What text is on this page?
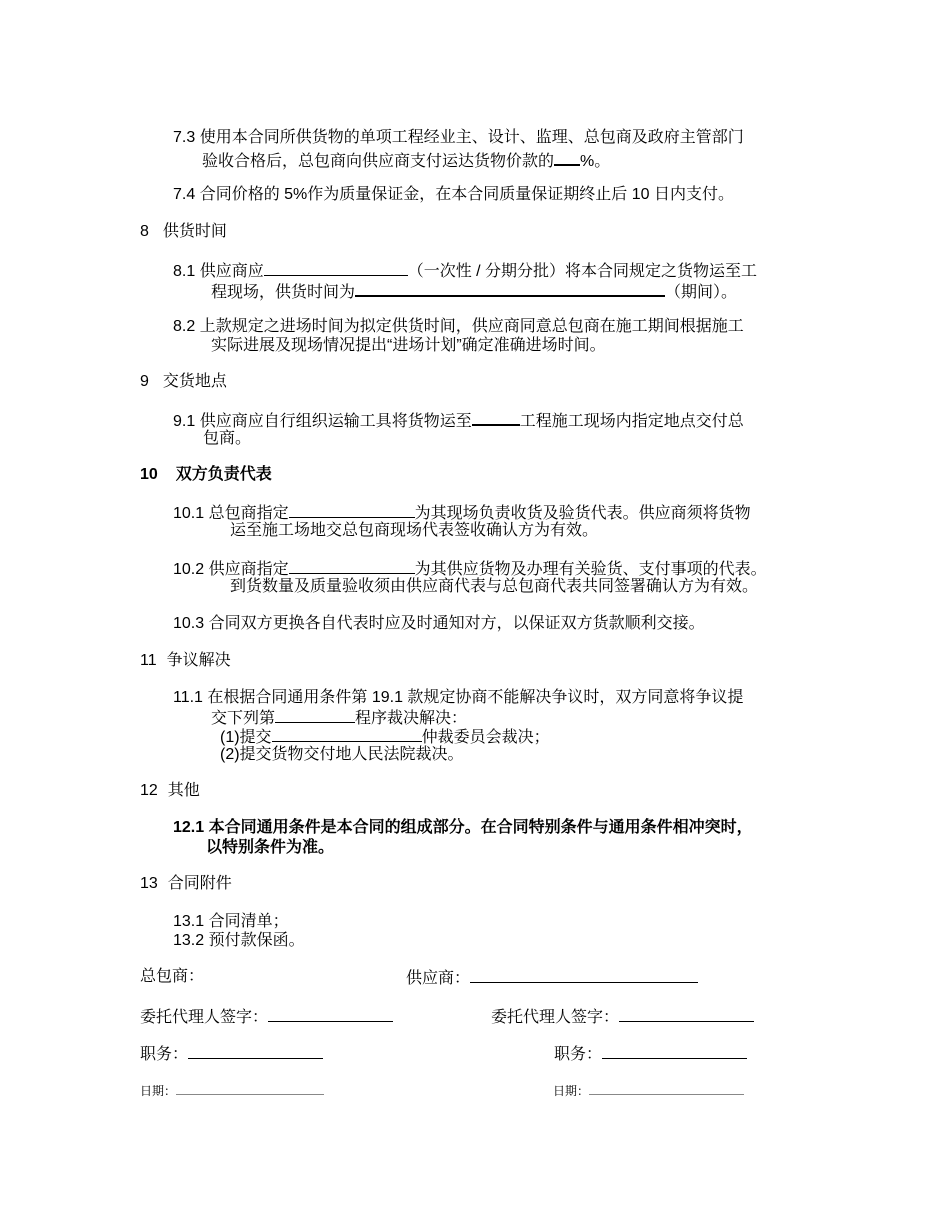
7.3 使用本合同所供货物的单项工程经业主、设计、监理、总包商及政府主管部门
验收合格后，总包商向供应商支付运达货物价款的 %。
7.4 合同价格的 5%作为质量保证金，在本合同质量保证期终止后 10 日内支付。
8 供货时间
8.1 供应商应	（一次性 / 分期分批）将本合同规定之货物运至工
程现场，供货时间为	（期间）。
8.2 上款规定之进场时间为拟定供货时间，供应商同意总包商在施工期间根据施工
实际进展及现场情况提出“进场计划”确定准确进场时间。
9 交货地点
9.1 供应商应自行组织运输工具将货物运至	工程施工现场内指定地点交付总
包商。
10 双方负责代表
10.1 总包商指定	为其现场负责收货及验货代表。供应商须将货物
运至施工场地交总包商现场代表签收确认方为有效。
10.2 供应商指定	为其供应货物及办理有关验货、支付事项的代表。
到货数量及质量验收须由供应商代表与总包商代表共同签署确认方为有效。
10.3 合同双方更换各自代表时应及时通知对方，以保证双方货款顺利交接。
11 争议解决
11.1 在根据合同通用条件第 19.1 款规定协商不能解决争议时，双方同意将争议提
交下列第	程序裁决解决：
(1)提交	仲裁委员会裁决；
(2)提交货物交付地人民法院裁决。
12 其他
12.1 本合同通用条件是本合同的组成部分。在合同特别条件与通用条件相冲突时，
以特别条件为准。
13 合同附件
13.1 合同清单；
13.2 预付款保函。
总包商：	供应商：
委托代理人签字：	委托代理人签字：
职务：	职务：
日期：	日期：
